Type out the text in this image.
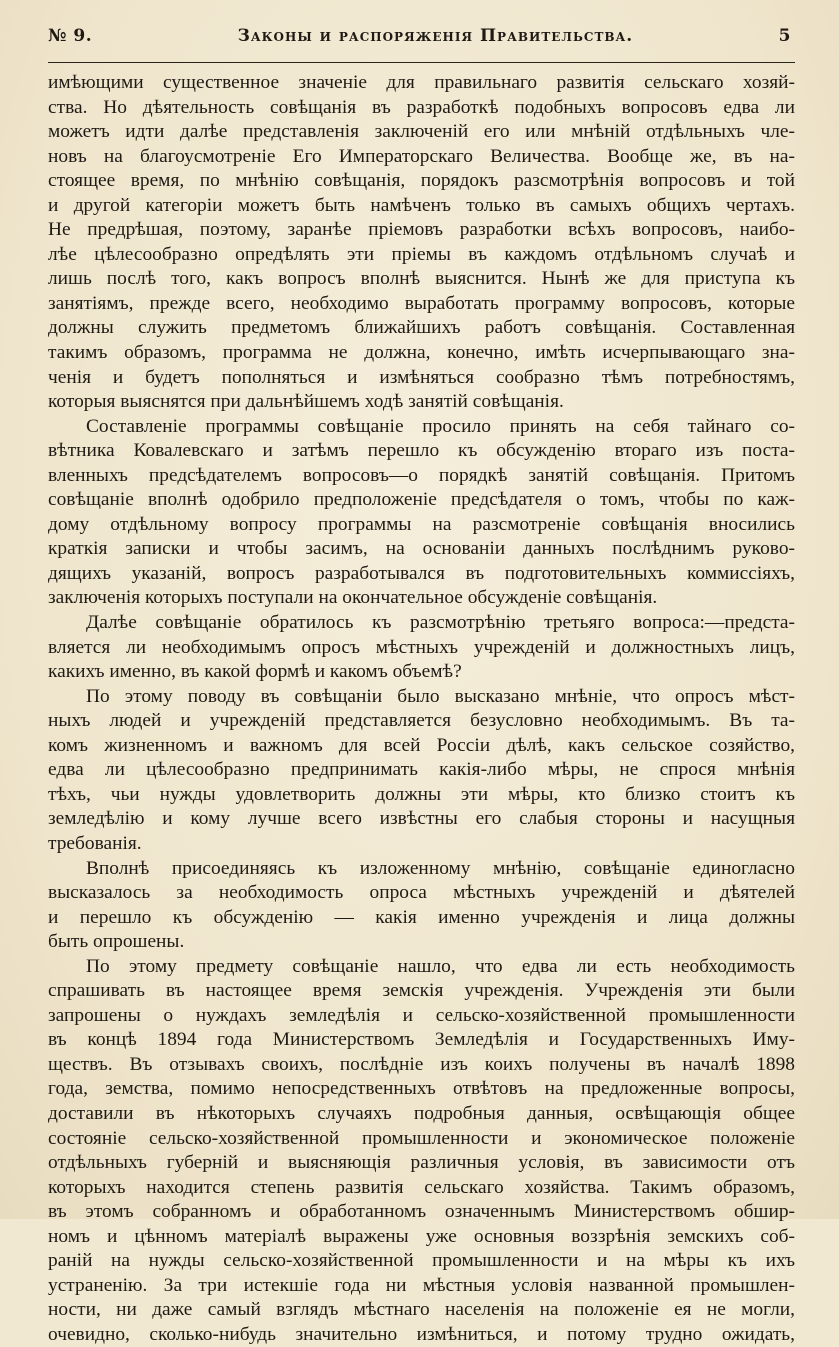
№ 9.	Законы и распоряженія Правительства.	5
имѣющими существенное значеніе для правильнаго развитія сельскаго хозяй-
ства. Но дѣятельность совѣщанія въ разработкѣ подобныхъ вопросовъ едва ли
можетъ идти далѣе представленія заключеній его или мнѣній отдѣльныхъ чле-
новъ на благоусмотреніе Его Императорскаго Величества. Вообще же, въ на-
стоящее время, по мнѣнію совѣщанія, порядокъ разсмотрѣнія вопросовъ и той
и другой категоріи можетъ быть намѣченъ только въ самыхъ общихъ чертахъ.
Не предрѣшая, поэтому, заранѣе пріемовъ разработки всѣхъ вопросовъ, наибо-
лѣе цѣлесообразно опредѣлять эти пріемы въ каждомъ отдѣльномъ случаѣ и
лишь послѣ того, какъ вопросъ вполнѣ выяснится. Нынѣ же для приступа къ
занятіямъ, прежде всего, необходимо выработать программу вопросовъ, которые
должны служить предметомъ ближайшихъ работъ совѣщанія. Составленная
такимъ образомъ, программа не должна, конечно, имѣть исчерпывающаго зна-
ченія и будетъ пополняться и измѣняться сообразно тѣмъ потребностямъ,
которыя выяснятся при дальнѣйшемъ ходѣ занятій совѣщанія.
Составленіе программы совѣщаніе просило принять на себя тайнаго со-
вѣтника Ковалевскаго и затѣмъ перешло къ обсужденію втораго изъ поста-
вленныхъ предсѣдателемъ вопросовъ—о порядкѣ занятій совѣщанія. Притомъ
совѣщаніе вполнѣ одобрило предположеніе предсѣдателя о томъ, чтобы по каж-
дому отдѣльному вопросу программы на разсмотреніе совѣщанія вносились
краткія записки и чтобы засимъ, на основаніи данныхъ послѣднимъ руково-
дящихъ указаній, вопросъ разработывался въ подготовительныхъ коммиссіяхъ,
заключенія которыхъ поступали на окончательное обсужденіе совѣщанія.
Далѣе совѣщаніе обратилось къ разсмотрѣнію третьяго вопроса:—предста-
вляется ли необходимымъ опросъ мѣстныхъ учрежденій и должностныхъ лицъ,
какихъ именно, въ какой формѣ и какомъ объемѣ?
По этому поводу въ совѣщаніи было высказано мнѣніе, что опросъ мѣст-
ныхъ людей и учрежденій представляется безусловно необходимымъ. Въ та-
комъ жизненномъ и важномъ для всей Россіи дѣлѣ, какъ сельское созяйство,
едва ли цѣлесообразно предпринимать какія-либо мѣры, не спрося мнѣнія
тѣхъ, чьи нужды удовлетворить должны эти мѣры, кто близко стоитъ къ
земледѣлію и кому лучше всего извѣстны его слабыя стороны и насущныя
требованія.
Вполнѣ присоединяясь къ изложенному мнѣнію, совѣщаніе единогласно
высказалось за необходимость опроса мѣстныхъ учрежденій и дѣятелей
и перешло къ обсужденію — какія именно учрежденія и лица должны
быть опрошены.
По этому предмету совѣщаніе нашло, что едва ли есть необходимость
спрашивать въ настоящее время земскія учрежденія. Учрежденія эти были
запрошены о нуждахъ земледѣлія и сельско-хозяйственной промышленности
въ концѣ 1894 года Министерствомъ Земледѣлія и Государственныхъ Иму-
ществъ. Въ отзывахъ своихъ, послѣдніе изъ коихъ получены въ началѣ 1898
года, земства, помимо непосредственныхъ отвѣтовъ на предложенные вопросы,
доставили въ нѣкоторыхъ случаяхъ подробныя данныя, освѣщающія общее
состояніе сельско-хозяйственной промышленности и экономическое положеніе
отдѣльныхъ губерній и выясняющія различныя условія, въ зависимости отъ
которыхъ находится степень развитія сельскаго хозяйства. Такимъ образомъ,
въ этомъ собранномъ и обработанномъ означеннымъ Министерствомъ обшир-
номъ и цѣнномъ матеріалѣ выражены уже основныя воззрѣнія земскихъ соб-
раній на нужды сельско-хозяйственной промышленности и на мѣры къ ихъ
устраненію. За три истекшіе года ни мѣстныя условія названной промышлен-
ности, ни даже самый взглядъ мѣстнаго населенія на положеніе ея не могли,
очевидно, сколько-нибудь значительно измѣниться, и потому трудно ожидать,
